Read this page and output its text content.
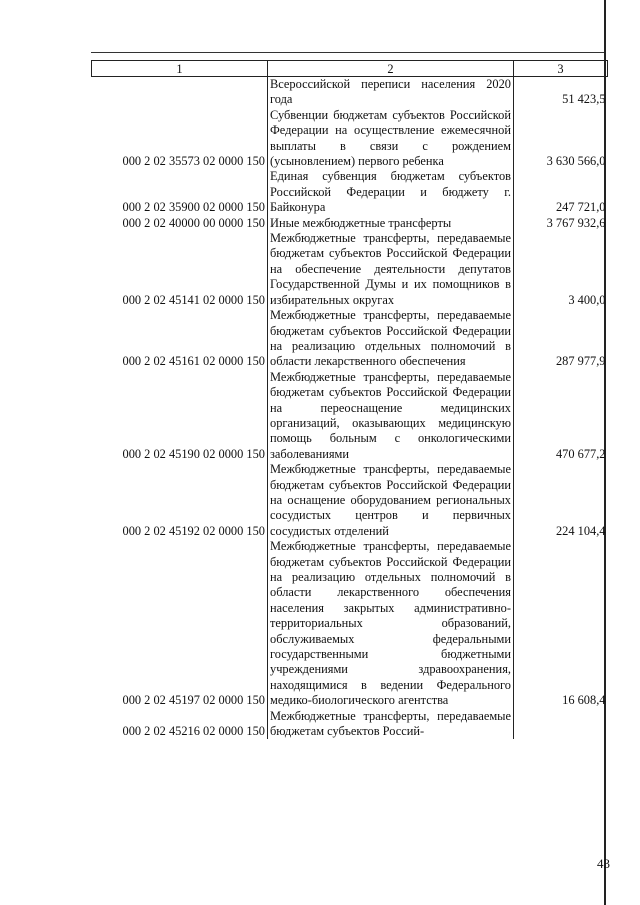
1	2	3
	Всероссийской переписи населения 2020 года	51 423,5
000 2 02 35573 02 0000 150	Субвенции бюджетам субъектов Российской Федерации на осуществление ежемесячной выплаты в связи с рождением (усыновлением) первого ребенка	3 630 566,0
000 2 02 35900 02 0000 150	Единая субвенция бюджетам субъектов Российской Федерации и бюджету г. Байконура	247 721,0
000 2 02 40000 00 0000 150	Иные межбюджетные трансферты	3 767 932,6
000 2 02 45141 02 0000 150	Межбюджетные трансферты, передаваемые бюджетам субъектов Российской Федерации на обеспечение деятельности депутатов Государственной Думы и их помощников в избирательных округах	3 400,0
000 2 02 45161 02 0000 150	Межбюджетные трансферты, передаваемые бюджетам субъектов Российской Федерации на реализацию отдельных полномочий в области лекарственного обеспечения	287 977,9
000 2 02 45190 02 0000 150	Межбюджетные трансферты, передаваемые бюджетам субъектов Российской Федерации на переоснащение медицинских организаций, оказывающих медицинскую помощь больным с онкологическими заболеваниями	470 677,2
000 2 02 45192 02 0000 150	Межбюджетные трансферты, передаваемые бюджетам субъектов Российской Федерации на оснащение оборудованием региональных сосудистых центров и первичных сосудистых отделений	224 104,4
000 2 02 45197 02 0000 150	Межбюджетные трансферты, передаваемые бюджетам субъектов Российской Федерации на реализацию отдельных полномочий в области лекарственного обеспечения населения закрытых административно-территориальных образований, обслуживаемых федеральными государственными бюджетными учреждениями здравоохранения, находящимися в ведении Федерального медико-биологического агентства	16 608,4
000 2 02 45216 02 0000 150	Межбюджетные трансферты, передаваемые бюджетам субъектов Россий-	
43
